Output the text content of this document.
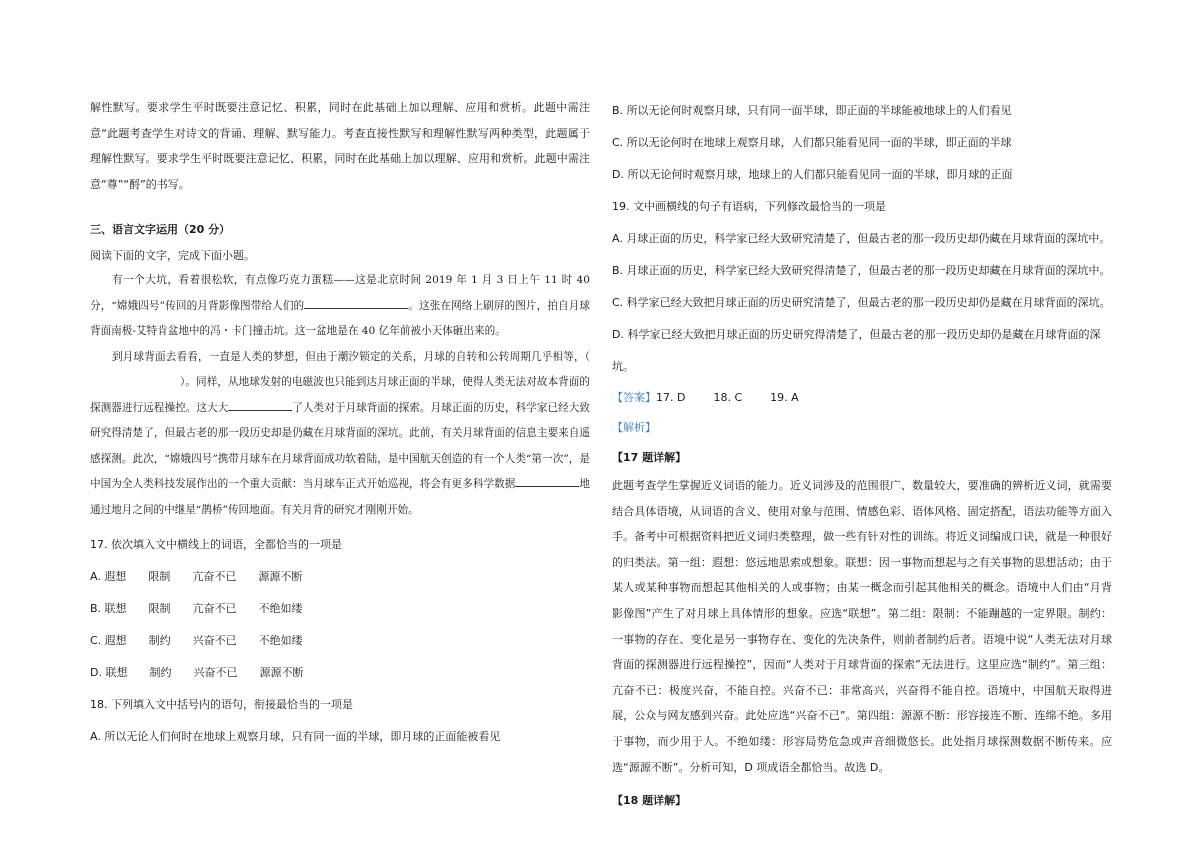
解性默写。要求学生平时既要注意记忆、积累，同时在此基础上加以理解、应用和赏析。此题中需注意“此题考查学生对诗文的背诵、理解、默写能力。考查直接性默写和理解性默写两种类型，此题属于理解性默写。要求学生平时既要注意记忆、积累，同时在此基础上加以理解、应用和赏析。此题中需注意“尊”“酹”的书写。

三、语言文字运用（20 分）

阅读下面的文字，完成下面小题。

有一个大坑，看着很松软，有点像巧克力蛋糕——这是北京时间 2019 年 1 月 3 日上午 11 时 40 分，“嫦娥四号”传回的月背影像图带给人们的	。这张在网络上刷屏的图片，拍自月球背面南极-艾特肯盆地中的冯・卡门撞击坑。这一盆地是在 40 亿年前被小天体砸出来的。

到月球背面去看看，一直是人类的梦想，但由于潮汐锁定的关系，月球的自转和公转周期几乎相等，（）。同样，从地球发射的电磁波也只能到达月球正面的半球，使得人类无法对故本背面的探测器进行远程操控。这大大	了人类对于月球背面的探索。月球正面的历史，科学家已经大致研究得清楚了，但最古老的那一段历史却是仍藏在月球背面的深坑。此前，有关月球背面的信息主要来自遥感探测。此次，“嫦娥四号”携带月球车在月球背面成功软着陆，是中国航天创造的有一个人类“第一次”，是中国为全人类科技发展作出的一个重大贡献：当月球车正式开始巡视，将会有更多科学数据	地通过地月之间的中继星“鹊桥”传回地面。有关月背的研究才刚刚开始。

17. 依次填入文中横线上的词语，全都恰当的一项是

A. 遐想　　限制　　亢奋不已　　源源不断

B. 联想　　限制　　亢奋不已　　不绝如缕

C. 遐想　　制约　　兴奋不已　　不绝如缕

D. 联想　　制约　　兴奋不已　　源源不断

18. 下列填入文中括号内的语句，衔接最恰当的一项是

A. 所以无论人们何时在地球上观察月球，只有同一面的半球，即月球的正面能被看见

B. 所以无论何时观察月球，只有同一面半球，即正面的半球能被地球上的人们看见

C. 所以无论何时在地球上观察月球，人们都只能看见同一面的半球，即正面的半球

D. 所以无论何时观察月球，地球上的人们都只能看见同一面的半球，即月球的正面

19. 文中画横线的句子有语病，下列修改最恰当的一项是

A. 月球正面的历史，科学家已经大致研究清楚了，但最古老的那一段历史却仍藏在月球背面的深坑中。

B. 月球正面的历史，科学家已经大致研究得清楚了，但最古老的那一段历史却藏在月球背面的深坑中。

C. 科学家已经大致把月球正面的历史研究清楚了，但最古老的那一段历史却仍是藏在月球背面的深坑。

D. 科学家已经大致把月球正面的历史研究得清楚了，但最古老的那一段历史却仍是藏在月球背面的深坑。

【答案】17. D	18. C	19. A

【解析】

【17 题详解】

此题考查学生掌握近义词语的能力。近义词涉及的范围很广、数量较大，要准确的辨析近义词，就需要结合具体语境，从词语的含义、使用对象与范围、情感色彩、语体风格、固定搭配，语法功能等方面入手。备考中可根据资料把近义词归类整理，做一些有针对性的训练。将近义词编成口诀，就是一种很好的归类法。第一组：遐想：悠远地思索或想象。联想：因一事物而想起与之有关事物的思想活动；由于某人或某种事物而想起其他相关的人或事物；由某一概念而引起其他相关的概念。语境中人们由“月背影像图”产生了对月球上具体情形的想象。应选“联想”。第二组：限制：不能蹦越的一定界限。制约：一事物的存在、变化是另一事物存在、变化的先决条件，则前者制约后者。语境中说“人类无法对月球背面的探测器进行远程操控”，因而“人类对于月球背面的探索”无法进行。这里应选“制约”。第三组：亢奋不已：极度兴奋，不能自控。兴奋不已：非常高兴，兴奋得不能自控。语境中，中国航天取得进展，公众与网友感到兴奋。此处应选“兴奋不已”。第四组：源源不断：形容接连不断、连绵不绝。多用于事物，而少用于人。不绝如缕：形容局势危急或声音细微悠长。此处指月球探测数据不断传来。应选“源源不断”。分析可知，D 项成语全都恰当。故选 D。

【18 题详解】
